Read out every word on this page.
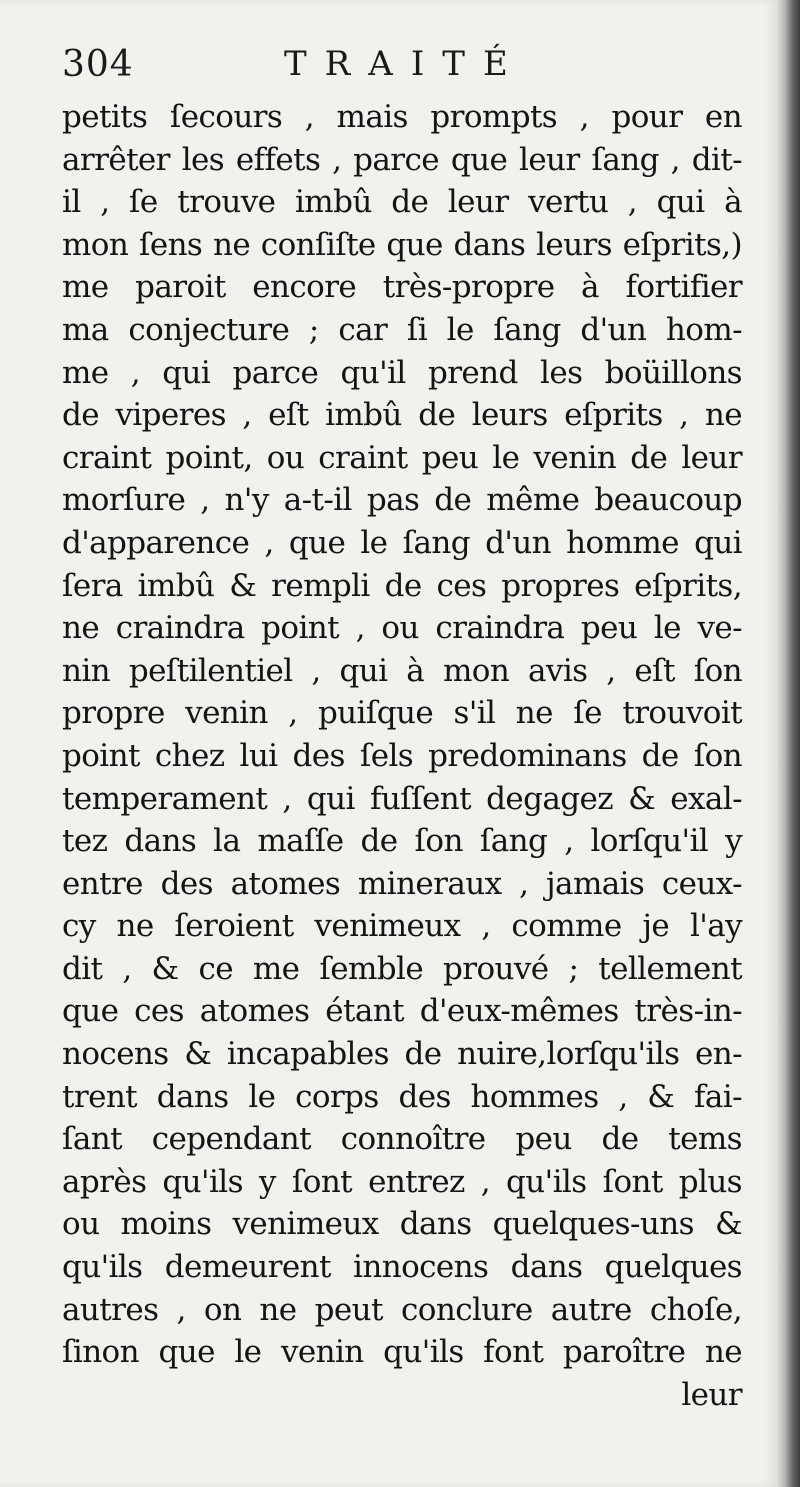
304	TRAITÉ
petits ſecours , mais prompts , pour en
arrêter les effets , parce que leur ſang , dit-
il , ſe trouve imbû de leur vertu , qui à
mon ſens ne conſiſte que dans leurs eſprits,)
me paroit encore très-propre à fortifier
ma conjecture ; car ſi le ſang d'un hom-
me , qui parce qu'il prend les boüillons
de viperes , eſt imbû de leurs eſprits , ne
craint point, ou craint peu le venin de leur
morſure , n'y a-t-il pas de même beaucoup
d'apparence , que le ſang d'un homme qui
ſera imbû & rempli de ces propres eſprits,
ne craindra point , ou craindra peu le ve-
nin peſtilentiel , qui à mon avis , eſt ſon
propre venin , puiſque s'il ne ſe trouvoit
point chez lui des ſels predominans de ſon
temperament , qui fuſſent degagez & exal-
tez dans la maſſe de ſon ſang , lorſqu'il y
entre des atomes mineraux , jamais ceux-
cy ne ſeroient venimeux , comme je l'ay
dit , & ce me ſemble prouvé ; tellement
que ces atomes étant d'eux-mêmes très-in-
nocens & incapables de nuire,lorſqu'ils en-
trent dans le corps des hommes , & fai-
ſant cependant connoître peu de tems
après qu'ils y ſont entrez , qu'ils ſont plus
ou moins venimeux dans quelques-uns &
qu'ils demeurent innocens dans quelques
autres , on ne peut conclure autre choſe,
ſinon que le venin qu'ils font paroître ne
leur
